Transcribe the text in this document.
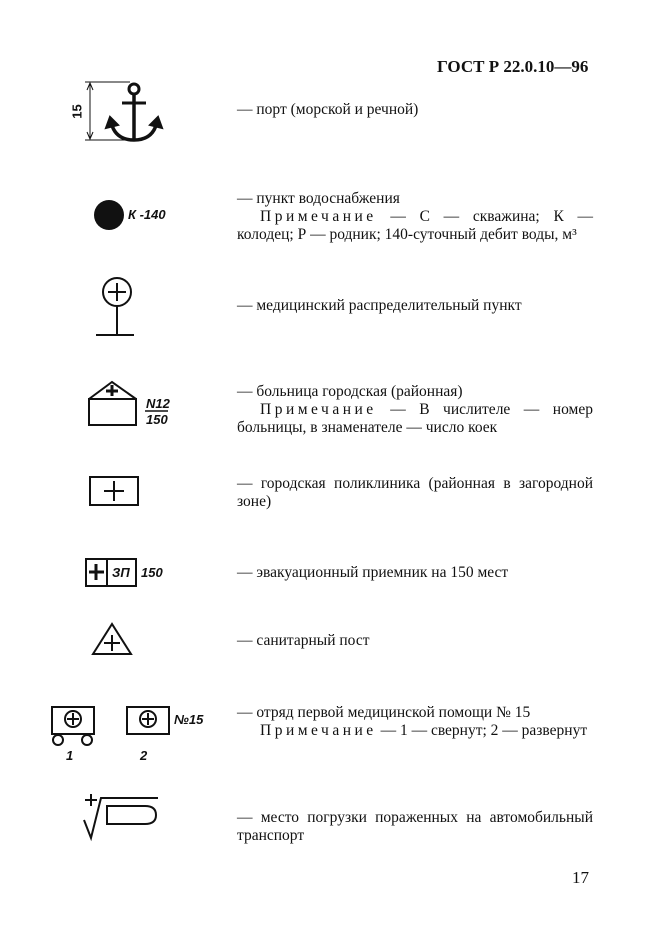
ГОСТ Р 22.0.10—96
К -140
N12
150
ЗП 150
№15
1	2
15	— порт (морской и речной)

— пункт водоснабжения

Примечание — С — скважина; К — колодец; Р — родник; 140-суточный дебит воды, м³

— медицинский распределительный пункт

— больница городская (районная)

Примечание — В числителе — номер больницы, в знаменателе — число коек

— городская поликлиника (районная в загородной зоне)

— эвакуационный приемник на 150 мест

— санитарный пост

— отряд первой медицинской помощи № 15

Примечание — 1 — свернут; 2 — развернут

— место погрузки пораженных на автомобильный транспорт

17
